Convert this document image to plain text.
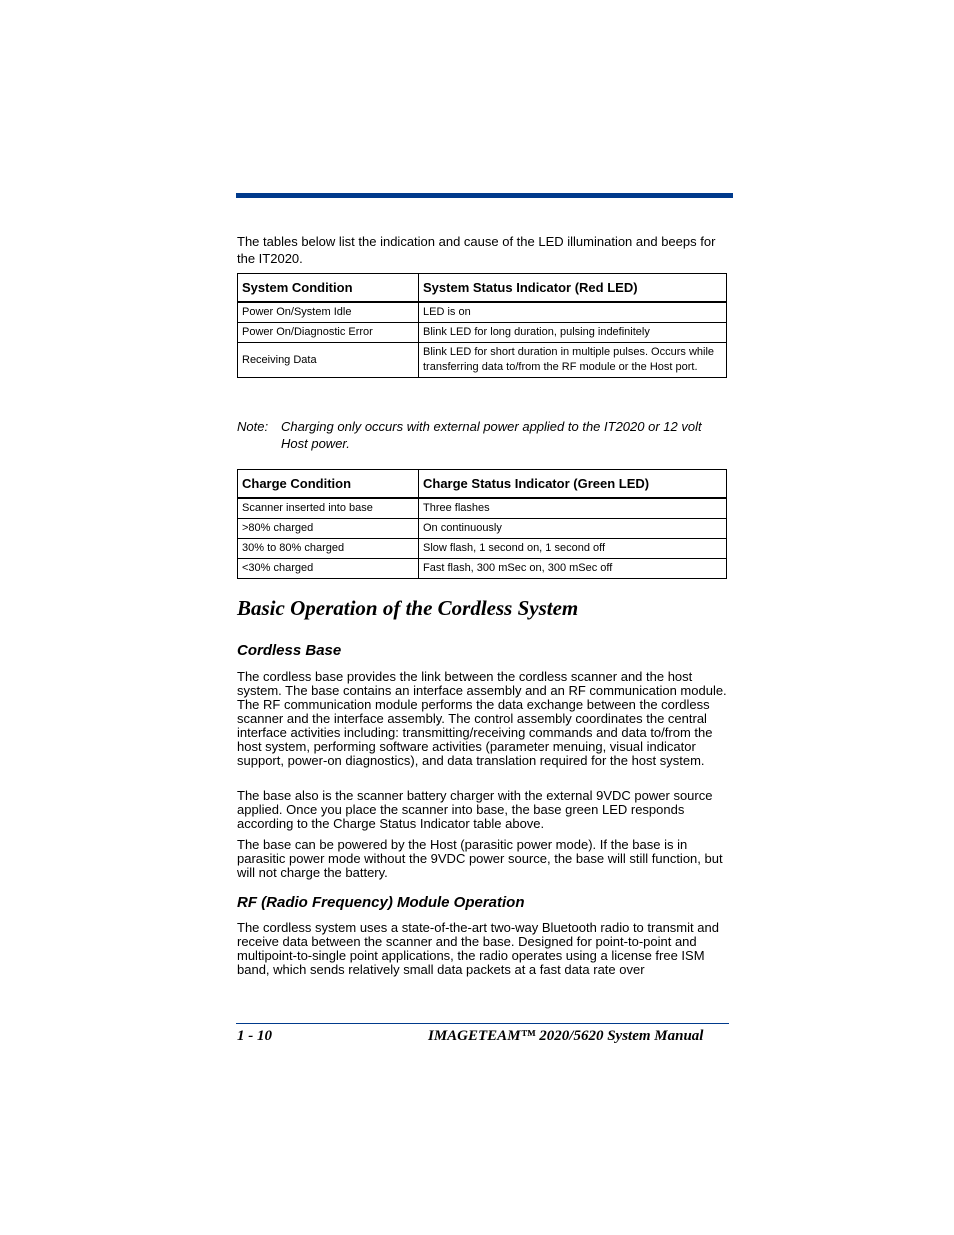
The tables below list the indication and cause of the LED illumination and beeps for the IT2020.
System Condition	System Status Indicator (Red LED)
Power On/System Idle	LED is on
Power On/Diagnostic Error	Blink LED for long duration, pulsing indefinitely
Receiving Data	Blink LED for short duration in multiple pulses. Occurs while transferring data to/from the RF module or the Host port.
Note: Charging only occurs with external power applied to the IT2020 or 12 volt Host power.
Charge Condition	Charge Status Indicator (Green LED)
Scanner inserted into base	Three flashes
>80% charged	On continuously
30% to 80% charged	Slow flash, 1 second on, 1 second off
<30% charged	Fast flash, 300 mSec on, 300 mSec off
Basic Operation of the Cordless System
Cordless Base

The cordless base provides the link between the cordless scanner and the host system. The base contains an interface assembly and an RF communication module. The RF communication module performs the data exchange between the cordless scanner and the interface assembly. The control assembly coordinates the central interface activities including: transmitting/receiving commands and data to/from the host system, performing software activities (parameter menuing, visual indicator support, power-on diagnostics), and data translation required for the host system.

The base also is the scanner battery charger with the external 9VDC power source applied. Once you place the scanner into base, the base green LED responds according to the Charge Status Indicator table above.

The base can be powered by the Host (parasitic power mode). If the base is in parasitic power mode without the 9VDC power source, the base will still function, but will not charge the battery.

RF (Radio Frequency) Module Operation

The cordless system uses a state-of-the-art two-way Bluetooth radio to transmit and receive data between the scanner and the base. Designed for point-to-point and multipoint-to-single point applications, the radio operates using a license free ISM band, which sends relatively small data packets at a fast data rate over

1 - 10	IMAGETEAM™ 2020/5620 System Manual
